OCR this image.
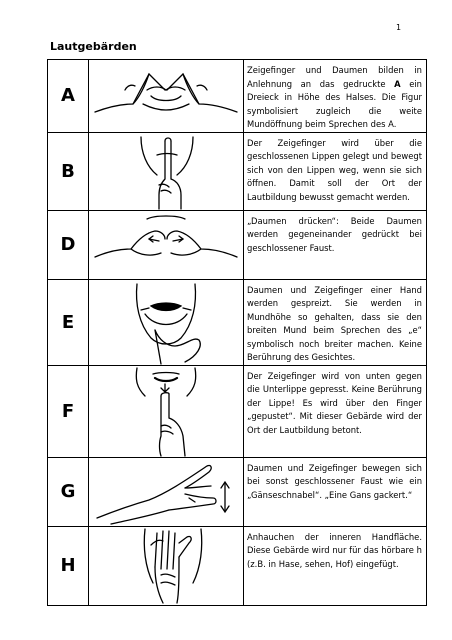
1
Lautgebärden
A		Zeigefinger und Daumen bilden in Anlehnung an das gedruckte A ein Dreieck in Höhe des Halses. Die Figur symbolisiert zugleich die weite Mundöffnung beim Sprechen des A.

B		Der Zeigefinger wird über die geschlossenen Lippen gelegt und bewegt sich von den Lippen weg, wenn sie sich öffnen. Damit soll der Ort der Lautbildung bewusst gemacht werden.

D		„Daumen drücken“: Beide Daumen werden gegeneinander gedrückt bei geschlossener Faust.

E		Daumen und Zeigefinger einer Hand werden gespreizt. Sie werden in Mundhöhe so gehalten, dass sie den breiten Mund beim Sprechen des „e“ symbolisch noch breiter machen. Keine Berührung des Gesichtes.

F		Der Zeigefinger wird von unten gegen die Unterlippe gepresst. Keine Berührung der Lippe! Es wird über den Finger „gepustet“. Mit dieser Gebärde wird der Ort der Lautbildung betont.

G		Daumen und Zeigefinger bewegen sich bei sonst geschlossener Faust wie ein „Gänseschnabel“. „Eine Gans gackert.“

H		Anhauchen der inneren Handfläche. Diese Gebärde wird nur für das hörbare h (z.B. in Hase, sehen, Hof) eingefügt.
